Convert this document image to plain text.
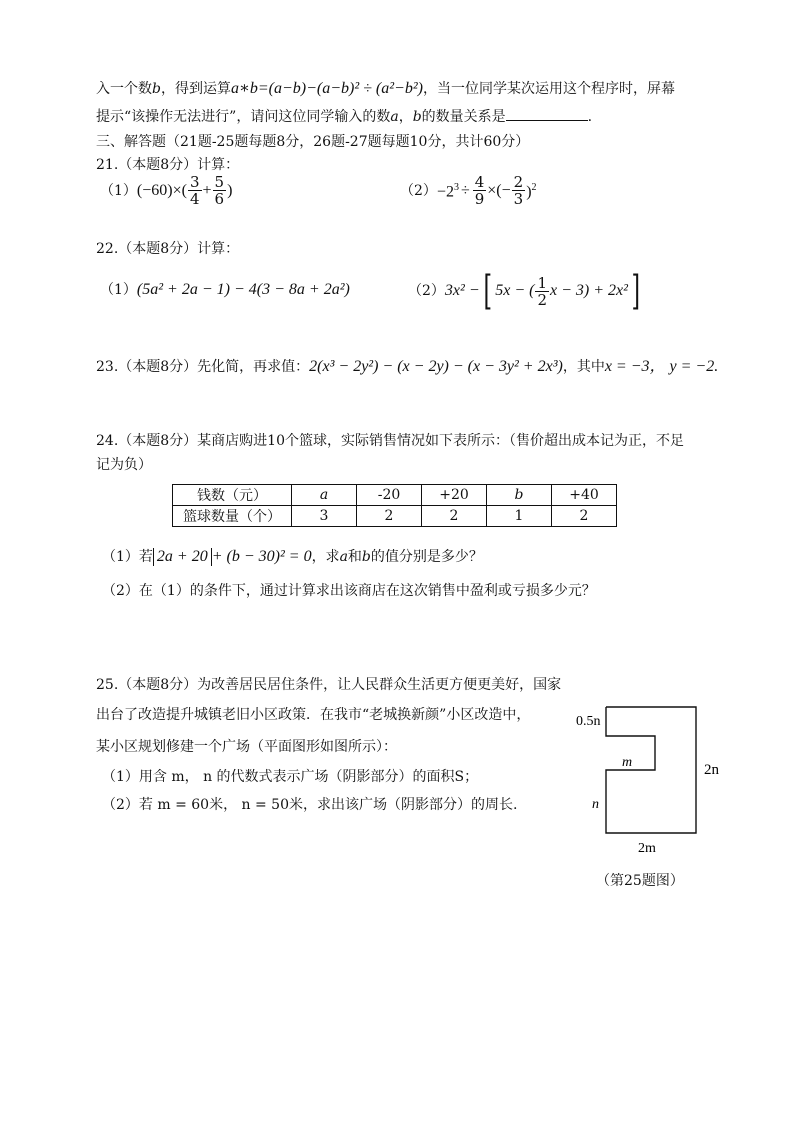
入一个数b，得到运算a∗b=(a−b)−(a−b)² ÷ (a²−b²)，当一位同学某次运用这个程序时，屏幕
提示“该操作无法进行”，请问这位同学输入的数a，b的数量关系是	.
三、解答题（21题-25题每题8分，26题-27题每题10分，共计60分）
21.（本题8分）计算：
（1） $(-60)\times( \frac{3}{4} + \frac{5}{6}$ )	$(2) -2^3 \div \frac{4}{9}$ ×(− $\frac{2}{3} )^2$
22.（本题8分）计算：
（1） (5a² + 2a − 1) − 4(3 − 8a + 2a²)	（2） 3x² − [ 5x − ( $\frac{1}{2}$ x − 3) + 2x² ]
23.（本题8分）先化简，再求值：2(x³ − 2y²) − (x − 2y) − (x − 3y² + 2x³)，其中x = −3， y = −2.
24.（本题8分）某商店购进10个篮球，实际销售情况如下表所示：（售价超出成本记为正，不足
记为负）
钱数（元）	a	-20	+20	b	+40
篮球数量（个）	3	2	2	1	2
（1）若 2a + 20 + (b − 30)² = 0，求a和b的值分别是多少？
（2）在（1）的条件下，通过计算求出该商店在这次销售中盈利或亏损多少元？
25.（本题8分）为改善居民居住条件，让人民群众生活更方便更美好，国家
出台了改造提升城镇老旧小区政策．在我市“老城换新颜”小区改造中，
某小区规划修建一个广场（平面图形如图所示）：
（1）用含 m， n 的代数式表示广场（阴影部分）的面积S；
（2）若 m = 60米， n = 50米，求出该广场（阴影部分）的周长.
0.5n
2n
m
n
2m
（第25题图）
